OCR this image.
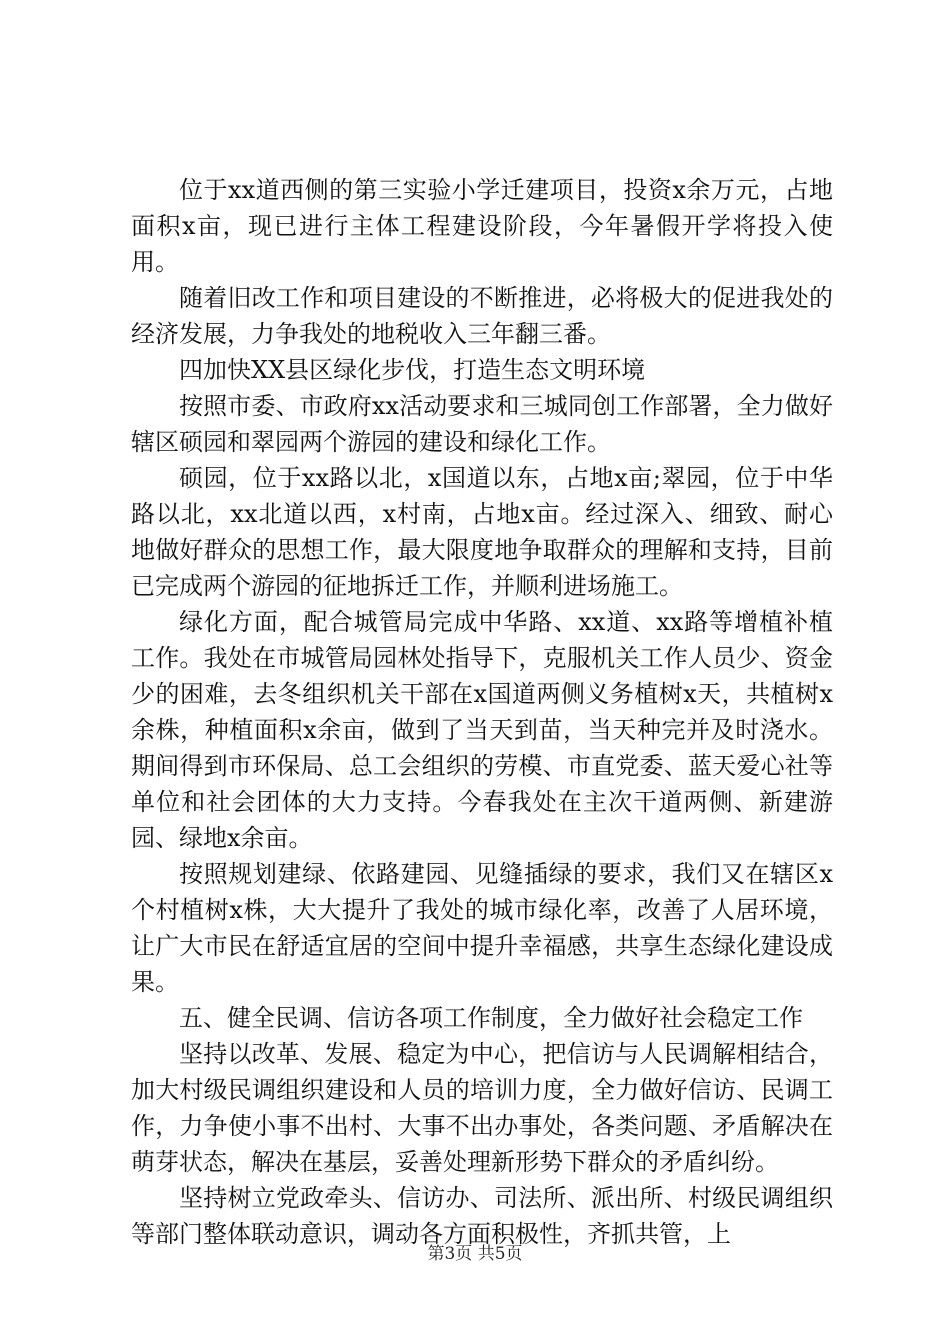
位于xx道西侧的第三实验小学迁建项目，投资x余万元，占地面积x亩，现已进行主体工程建设阶段，今年暑假开学将投入使用。

随着旧改工作和项目建设的不断推进，必将极大的促进我处的经济发展，力争我处的地税收入三年翻三番。

四加快XX县区绿化步伐，打造生态文明环境

按照市委、市政府xx活动要求和三城同创工作部署，全力做好辖区硕园和翠园两个游园的建设和绿化工作。

硕园，位于xx路以北，x国道以东，占地x亩;翠园，位于中华路以北，xx北道以西，x村南，占地x亩。经过深入、细致、耐心地做好群众的思想工作，最大限度地争取群众的理解和支持，目前已完成两个游园的征地拆迁工作，并顺利进场施工。

绿化方面，配合城管局完成中华路、xx道、xx路等增植补植工作。我处在市城管局园林处指导下，克服机关工作人员少、资金少的困难，去冬组织机关干部在x国道两侧义务植树x天，共植树x余株，种植面积x余亩，做到了当天到苗，当天种完并及时浇水。期间得到市环保局、总工会组织的劳模、市直党委、蓝天爱心社等单位和社会团体的大力支持。今春我处在主次干道两侧、新建游园、绿地x余亩。

按照规划建绿、依路建园、见缝插绿的要求，我们又在辖区x个村植树x株，大大提升了我处的城市绿化率，改善了人居环境，让广大市民在舒适宜居的空间中提升幸福感，共享生态绿化建设成果。

五、健全民调、信访各项工作制度，全力做好社会稳定工作

坚持以改革、发展、稳定为中心，把信访与人民调解相结合，加大村级民调组织建设和人员的培训力度，全力做好信访、民调工作，力争使小事不出村、大事不出办事处，各类问题、矛盾解决在萌芽状态，解决在基层，妥善处理新形势下群众的矛盾纠纷。

坚持树立党政牵头、信访办、司法所、派出所、村级民调组织等部门整体联动意识，调动各方面积极性，齐抓共管，上

第3页 共5页
